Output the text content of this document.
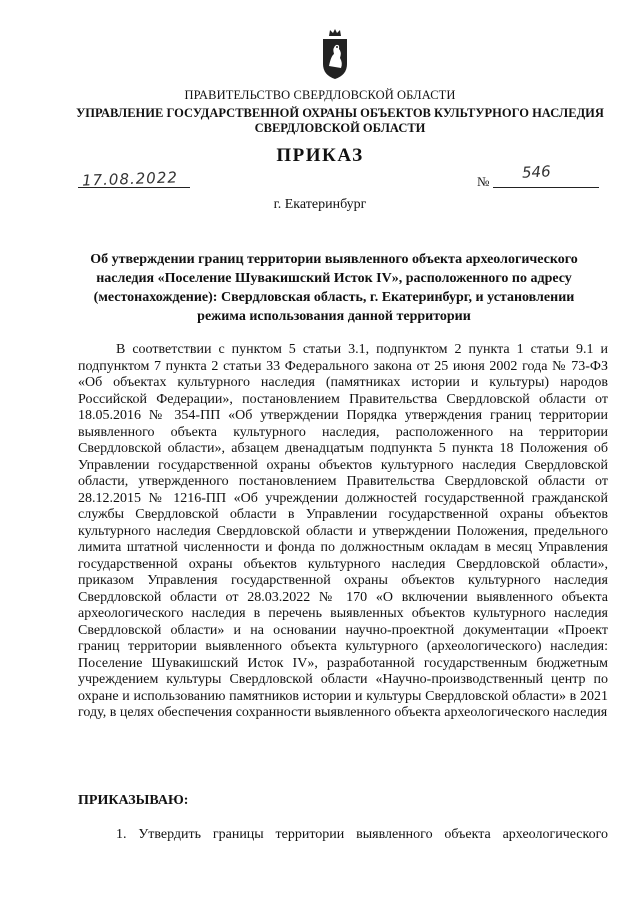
ПРАВИТЕЛЬСТВО СВЕРДЛОВСКОЙ ОБЛАСТИ
УПРАВЛЕНИЕ ГОСУДАРСТВЕННОЙ ОХРАНЫ ОБЪЕКТОВ КУЛЬТУРНОГО НАСЛЕДИЯ СВЕРДЛОВСКОЙ ОБЛАСТИ
ПРИКАЗ
17.08.2022	№ 546
г. Екатеринбург
Об утверждении границ территории выявленного объекта археологического наследия «Поселение Шувакишский Исток IV», расположенного по адресу (местонахождение): Свердловская область, г. Екатеринбург, и установлении режима использования данной территории

В соответствии с пунктом 5 статьи 3.1, подпунктом 2 пункта 1 статьи 9.1 и подпунктом 7 пункта 2 статьи 33 Федерального закона от 25 июня 2002 года № 73-ФЗ «Об объектах культурного наследия (памятниках истории и культуры) народов Российской Федерации», постановлением Правительства Свердловской области от 18.05.2016 № 354-ПП «Об утверждении Порядка утверждения границ территории выявленного объекта культурного наследия, расположенного на территории Свердловской области», абзацем двенадцатым подпункта 5 пункта 18 Положения об Управлении государственной охраны объектов культурного наследия Свердловской области, утвержденного постановлением Правительства Свердловской области от 28.12.2015 № 1216-ПП «Об учреждении должностей государственной гражданской службы Свердловской области в Управлении государственной охраны объектов культурного наследия Свердловской области и утверждении Положения, предельного лимита штатной численности и фонда по должностным окладам в месяц Управления государственной охраны объектов культурного наследия Свердловской области», приказом Управления государственной охраны объектов культурного наследия Свердловской области от 28.03.2022 № 170 «О включении выявленного объекта археологического наследия в перечень выявленных объектов культурного наследия Свердловской области» и на основании научно-проектной документации «Проект границ территории выявленного объекта культурного (археологического) наследия: Поселение Шувакишский Исток IV», разработанной государственным бюджетным учреждением культуры Свердловской области «Научно-производственный центр по охране и использованию памятников истории и культуры Свердловской области» в 2021 году, в целях обеспечения сохранности выявленного объекта археологического наследия

ПРИКАЗЫВАЮ:

1. Утвердить границы территории выявленного объекта археологического
